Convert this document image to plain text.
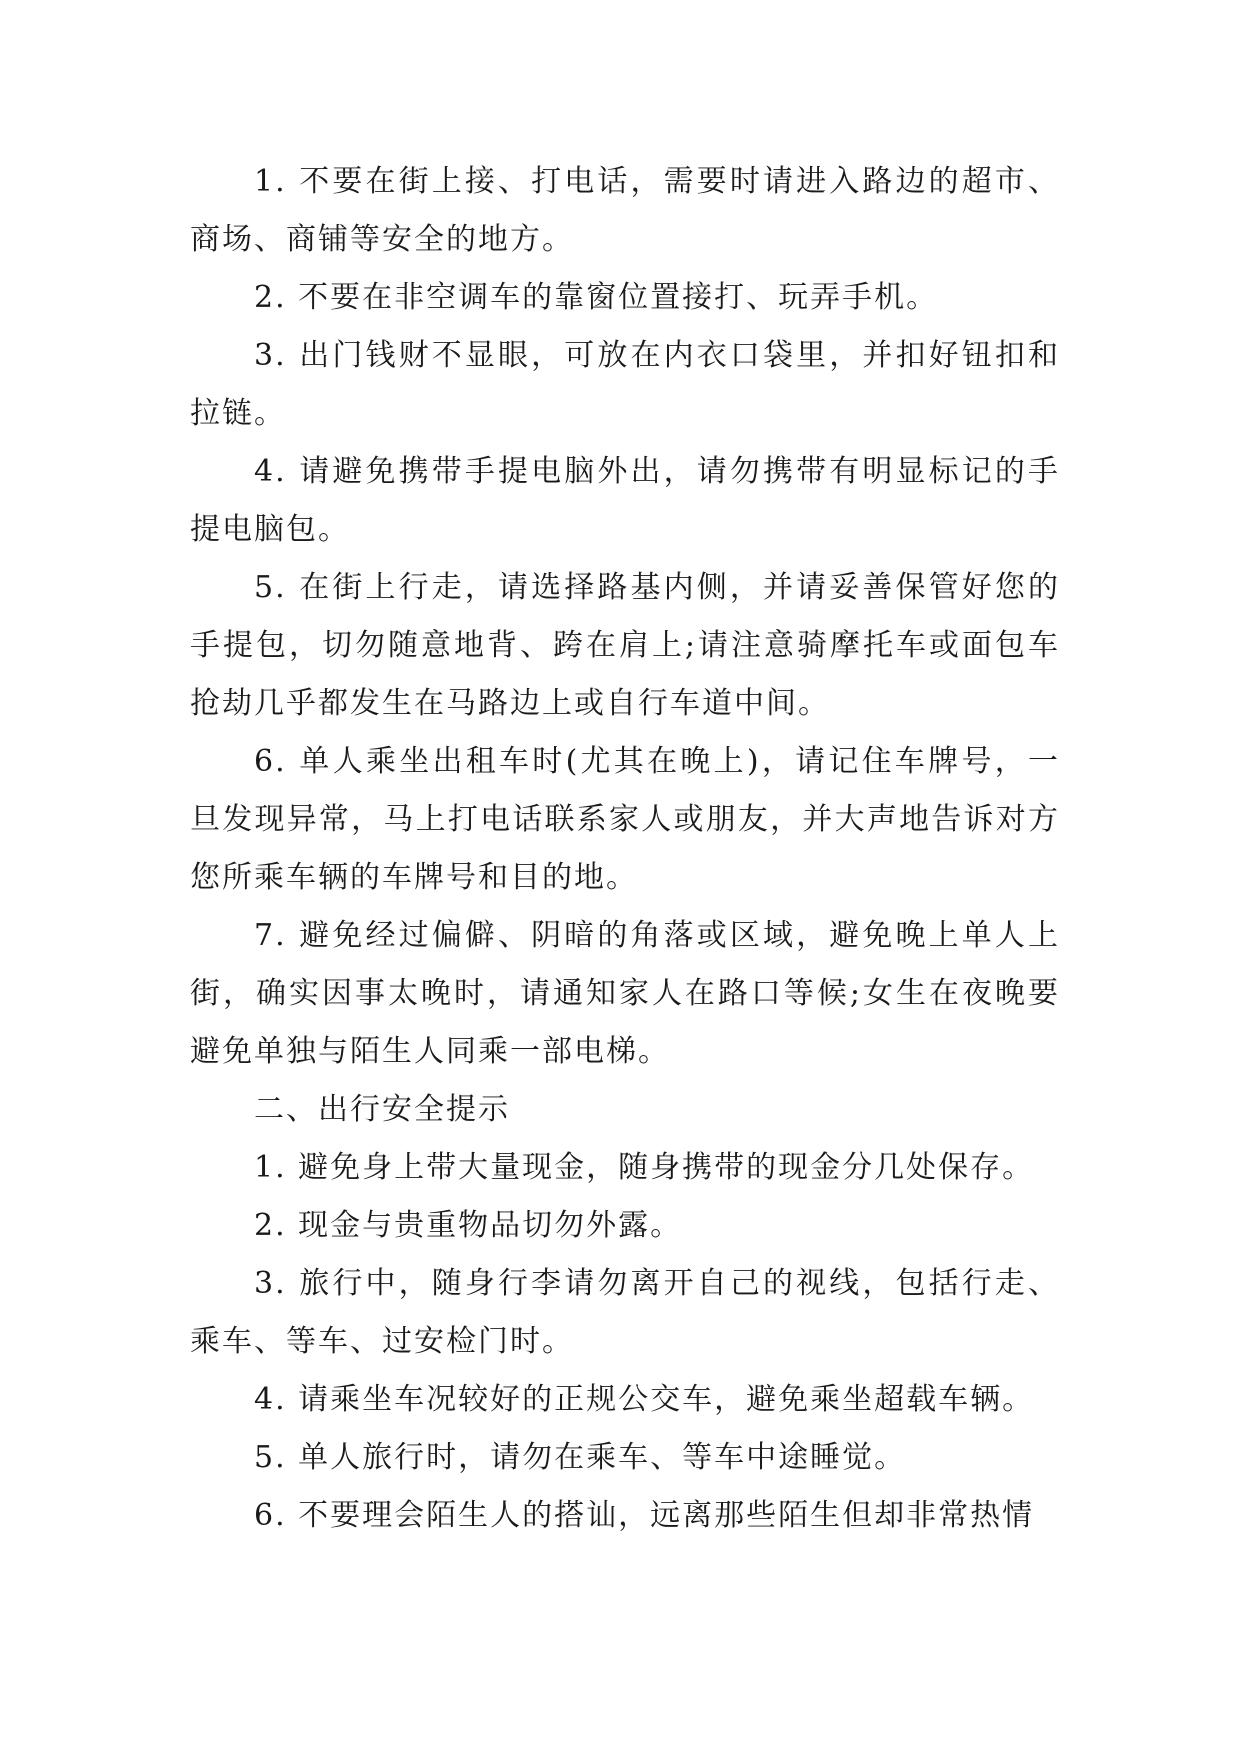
1. 不要在街上接、打电话，需要时请进入路边的超市、商场、商铺等安全的地方。

2. 不要在非空调车的靠窗位置接打、玩弄手机。

3. 出门钱财不显眼，可放在内衣口袋里，并扣好钮扣和拉链。

4. 请避免携带手提电脑外出，请勿携带有明显标记的手提电脑包。

5. 在街上行走，请选择路基内侧，并请妥善保管好您的手提包，切勿随意地背、跨在肩上;请注意骑摩托车或面包车抢劫几乎都发生在马路边上或自行车道中间。

6. 单人乘坐出租车时(尤其在晚上)，请记住车牌号，一旦发现异常，马上打电话联系家人或朋友，并大声地告诉对方您所乘车辆的车牌号和目的地。

7. 避免经过偏僻、阴暗的角落或区域，避免晚上单人上街，确实因事太晚时，请通知家人在路口等候;女生在夜晚要避免单独与陌生人同乘一部电梯。

二、出行安全提示

1. 避免身上带大量现金，随身携带的现金分几处保存。

2. 现金与贵重物品切勿外露。

3. 旅行中，随身行李请勿离开自己的视线，包括行走、乘车、等车、过安检门时。

4. 请乘坐车况较好的正规公交车，避免乘坐超载车辆。

5. 单人旅行时，请勿在乘车、等车中途睡觉。

6. 不要理会陌生人的搭讪，远离那些陌生但却非常热情
